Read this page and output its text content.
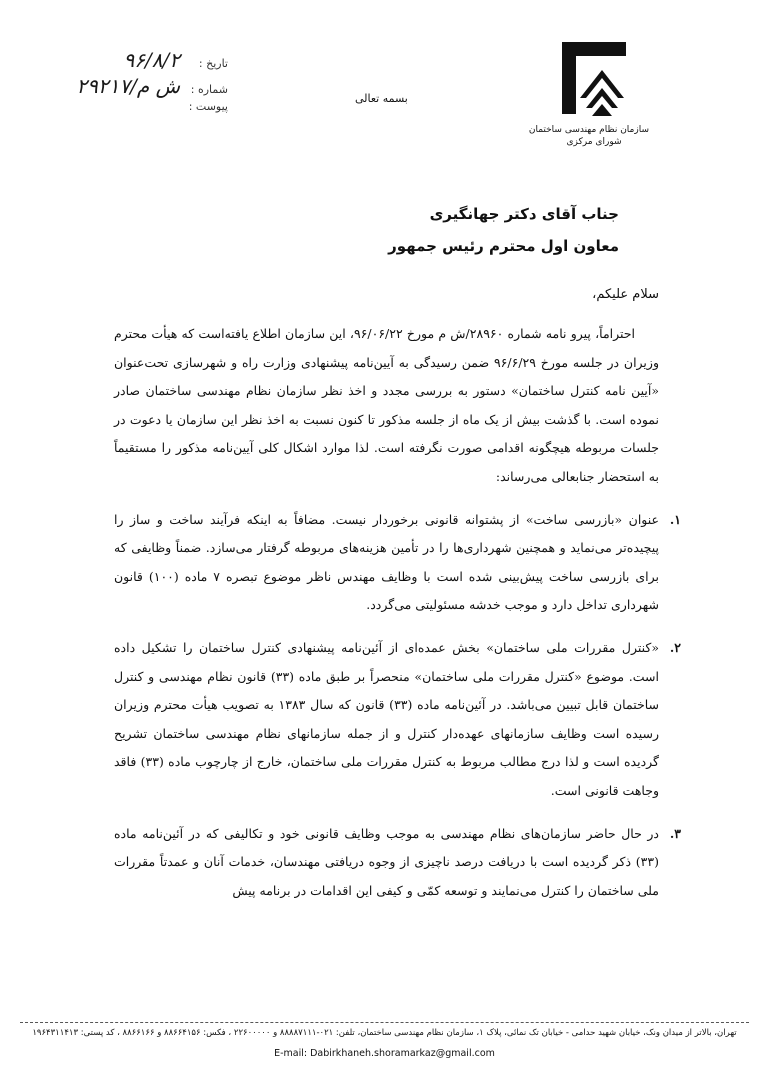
سازمان نظام مهندسی ساختمان
شورای مرکزی
بسمه تعالی
تاریخ :
۹۶/۸/۲
شماره :
۲۹۲۱۷/ش م
پیوست :
جناب آقای دکتر جهانگیری
معاون اول محترم رئیس جمهور
سلام علیکم،

احتراماً، پیرو نامه شماره ۲۸۹۶۰/ش م مورخ ۹۶/۰۶/۲۲، این سازمان اطلاع یافته‌است که هیأت محترم وزیران در جلسه مورخ ۹۶/۶/۲۹ ضمن رسیدگی به آیین‌نامه پیشنهادی وزارت راه و شهرسازی تحت‌عنوان «آیین نامه کنترل ساختمان» دستور به بررسی مجدد و اخذ نظر سازمان نظام مهندسی ساختمان صادر نموده است. با گذشت بیش از یک ماه از جلسه مذکور تا کنون نسبت به اخذ نظر این سازمان یا دعوت در جلسات مربوطه هیچگونه اقدامی صورت نگرفته است. لذا موارد اشکال کلی آیین‌نامه مذکور را مستقیماً به استحضار جنابعالی می‌رساند:

۱.
عنوان «بازرسی ساخت» از پشتوانه قانونی برخوردار نیست. مضافاً به اینکه فرآیند ساخت و ساز را پیچیده‌تر می‌نماید و همچنین شهرداری‌ها را در تأمین هزینه‌های مربوطه گرفتار می‌سازد. ضمناً وظایفی که برای بازرسی ساخت پیش‌بینی شده است با وظایف مهندس ناظر موضوع تبصره ۷ ماده (۱۰۰) قانون شهرداری تداخل دارد و موجب خدشه مسئولیتی می‌گردد.
۲.
«کنترل مقررات ملی ساختمان» بخش عمده‌ای از آئین‌نامه پیشنهادی کنترل ساختمان را تشکیل داده است. موضوع «کنترل مقررات ملی ساختمان» منحصراً بر طبق ماده (۳۳) قانون نظام مهندسی و کنترل ساختمان قابل تبیین می‌باشد. در آئین‌نامه ماده (۳۳) قانون که سال ۱۳۸۳ به تصویب هیأت محترم وزیران رسیده است وظایف سازمانهای عهده‌دار کنترل و از جمله سازمانهای نظام مهندسی ساختمان تشریح گردیده است و لذا درج مطالب مربوط به کنترل مقررات ملی ساختمان، خارج از چارچوب ماده (۳۳) فاقد وجاهت قانونی است.
۳.
در حال حاضر سازمان‌های نظام مهندسی به موجب وظایف قانونی خود و تکالیفی که در آئین‌نامه ماده (۳۳) ذکر گردیده است با دریافت درصد ناچیزی از وجوه دریافتی مهندسان، خدمات آنان و عمدتاً مقررات ملی ساختمان را کنترل می‌نمایند و توسعه کمّی و کیفی این اقدامات در برنامه پیش
تهران، بالاتر از میدان ونک، خیابان شهید حدامی - خیابان تک نمائی، پلاک ۱، سازمان نظام مهندسی ساختمان، تلفن: ۰۲۱-۸۸۸۸۷۱۱۱ و ۲۲۶۰۰۰۰۰ ، فکس: ۸۸۶۶۴۱۵۶ و ۸۸۶۶۱۶۶ ، کد پستی: ۱۹۶۴۳۱۱۴۱۳
E-mail: Dabirkhaneh.shoramarkaz@gmail.com
